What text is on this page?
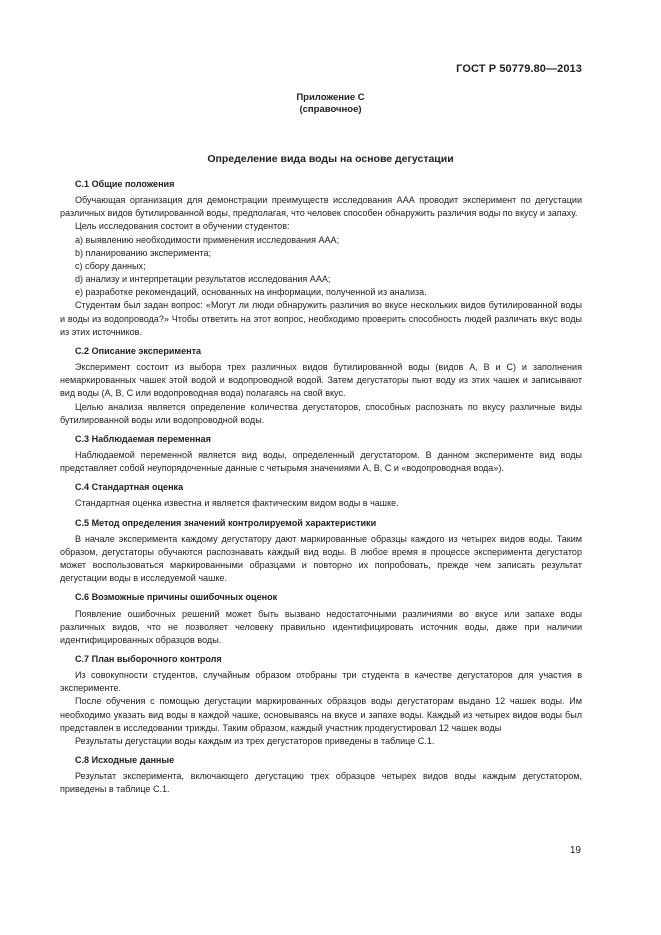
ГОСТ Р 50779.80—2013
Приложение С
(справочное)
Определение вида воды на основе дегустации
С.1 Общие положения

Обучающая организация для демонстрации преимуществ исследования ААА проводит эксперимент по дегустации различных видов бутилированной воды, предполагая, что человек способен обнаружить различия воды по вкусу и запаху.

Цель исследования состоит в обучении студентов:

a) выявлению необходимости применения исследования ААА;

b) планированию эксперимента;

c) сбору данных;

d) анализу и интерпретации результатов исследования ААА;

e) разработке рекомендаций, основанных на информации, полученной из анализа.

Студентам был задан вопрос: «Могут ли люди обнаружить различия во вкусе нескольких видов бутилированной воды и воды из водопровода?» Чтобы ответить на этот вопрос, необходимо проверить способность людей различать вкус воды из этих источников.

С.2 Описание эксперимента

Эксперимент состоит из выбора трех различных видов бутилированной воды (видов А, В и С) и заполнения немаркированных чашек этой водой и водопроводной водой. Затем дегустаторы пьют воду из этих чашек и записывают вид воды (А, В, С или водопроводная вода) полагаясь на свой вкус.

Целью анализа является определение количества дегустаторов, способных распознать по вкусу различные виды бутилированной воды или водопроводной воды.

С.3 Наблюдаемая переменная

Наблюдаемой переменной является вид воды, определенный дегустатором. В данном эксперименте вид воды представляет собой неупорядоченные данные с четырьмя значениями А, В, С и «водопроводная вода»).

С.4 Стандартная оценка

Стандартная оценка известна и является фактическим видом воды в чашке.

С.5 Метод определения значений контролируемой характеристики

В начале эксперимента каждому дегустатору дают маркированные образцы каждого из четырех видов воды. Таким образом, дегустаторы обучаются распознавать каждый вид воды. В любое время в процессе эксперимента дегустатор может воспользоваться маркированными образцами и повторно их попробовать, прежде чем записать результат дегустации воды в исследуемой чашке.

С.6 Возможные причины ошибочных оценок

Появление ошибочных решений может быть вызвано недостаточными различиями во вкусе или запахе воды различных видов, что не позволяет человеку правильно идентифицировать источник воды, даже при наличии идентифицированных образцов воды.

С.7 План выборочного контроля

Из совокупности студентов, случайным образом отобраны три студента в качестве дегустаторов для участия в эксперименте.

После обучения с помощью дегустации маркированных образцов воды дегустаторам выдано 12 чашек воды. Им необходимо указать вид воды в каждой чашке, основываясь на вкусе и запахе воды. Каждый из четырех видов воды был представлен в исследовании трижды. Таким образом, каждый участник продегустировал 12 чашек воды

Результаты дегустации воды каждым из трех дегустаторов приведены в таблице С.1.

С.8 Исходные данные

Результат эксперимента, включающего дегустацию трех образцов четырех видов воды каждым дегустатором, приведены в таблице С.1.

19
